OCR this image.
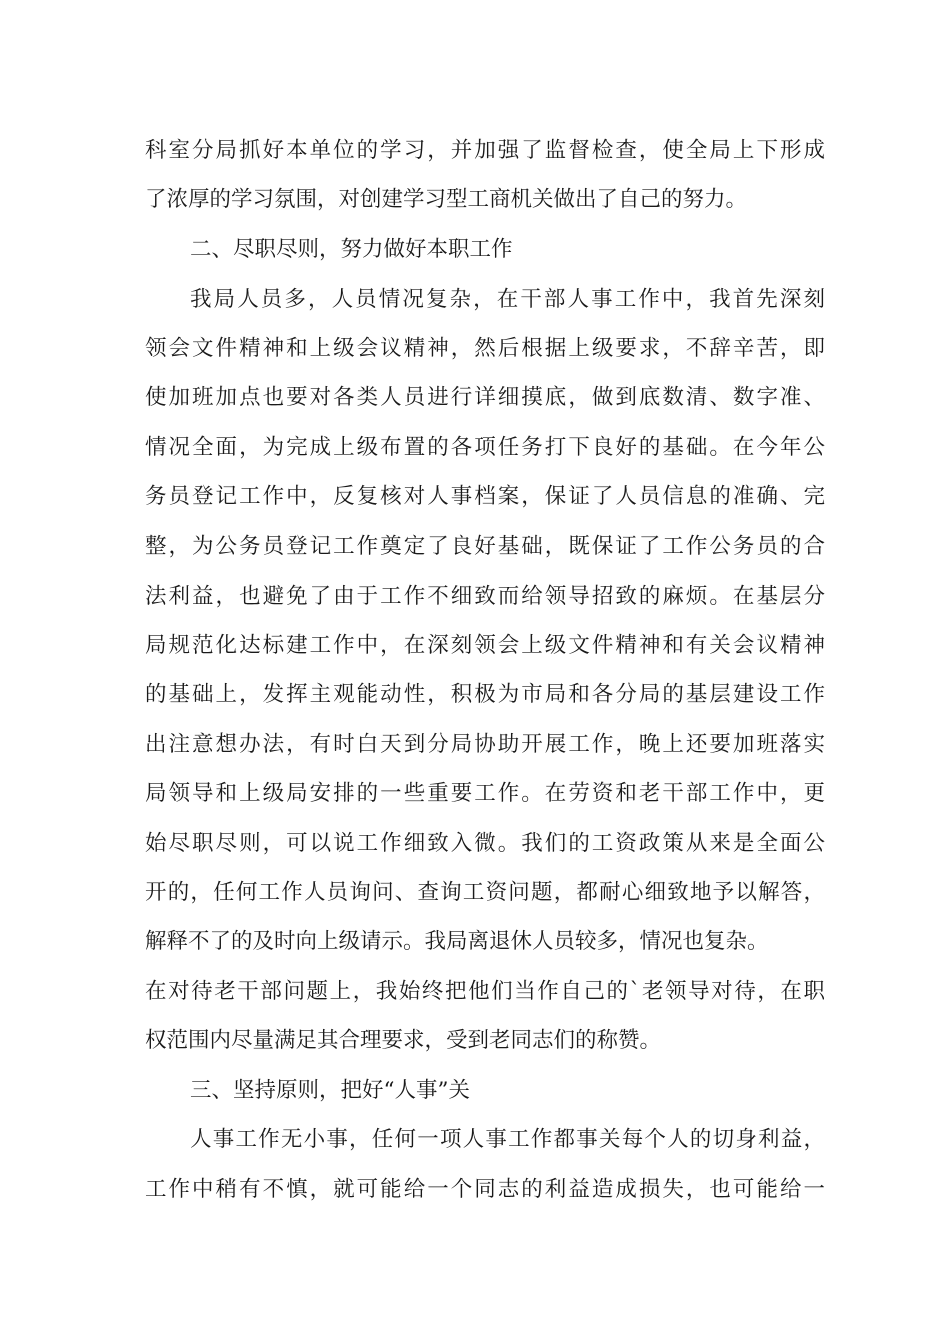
科室分局抓好本单位的学习，并加强了监督检查，使全局上下形成
了浓厚的学习氛围，对创建学习型工商机关做出了自己的努力。
二、尽职尽则，努力做好本职工作
我局人员多，人员情况复杂，在干部人事工作中，我首先深刻
领会文件精神和上级会议精神，然后根据上级要求，不辞辛苦，即
使加班加点也要对各类人员进行详细摸底，做到底数清、数字准、
情况全面，为完成上级布置的各项任务打下良好的基础。在今年公
务员登记工作中，反复核对人事档案，保证了人员信息的准确、完
整，为公务员登记工作奠定了良好基础，既保证了工作公务员的合
法利益，也避免了由于工作不细致而给领导招致的麻烦。在基层分
局规范化达标建工作中，在深刻领会上级文件精神和有关会议精神
的基础上，发挥主观能动性，积极为市局和各分局的基层建设工作
出注意想办法，有时白天到分局协助开展工作，晚上还要加班落实
局领导和上级局安排的一些重要工作。在劳资和老干部工作中，更
始尽职尽则，可以说工作细致入微。我们的工资政策从来是全面公
开的，任何工作人员询问、查询工资问题，都耐心细致地予以解答，
解释不了的及时向上级请示。我局离退休人员较多，情况也复杂。
在对待老干部问题上，我始终把他们当作自己的`老领导对待，在职
权范围内尽量满足其合理要求，受到老同志们的称赞。
三、坚持原则，把好“人事”关
人事工作无小事，任何一项人事工作都事关每个人的切身利益，
工作中稍有不慎，就可能给一个同志的利益造成损失，也可能给一
